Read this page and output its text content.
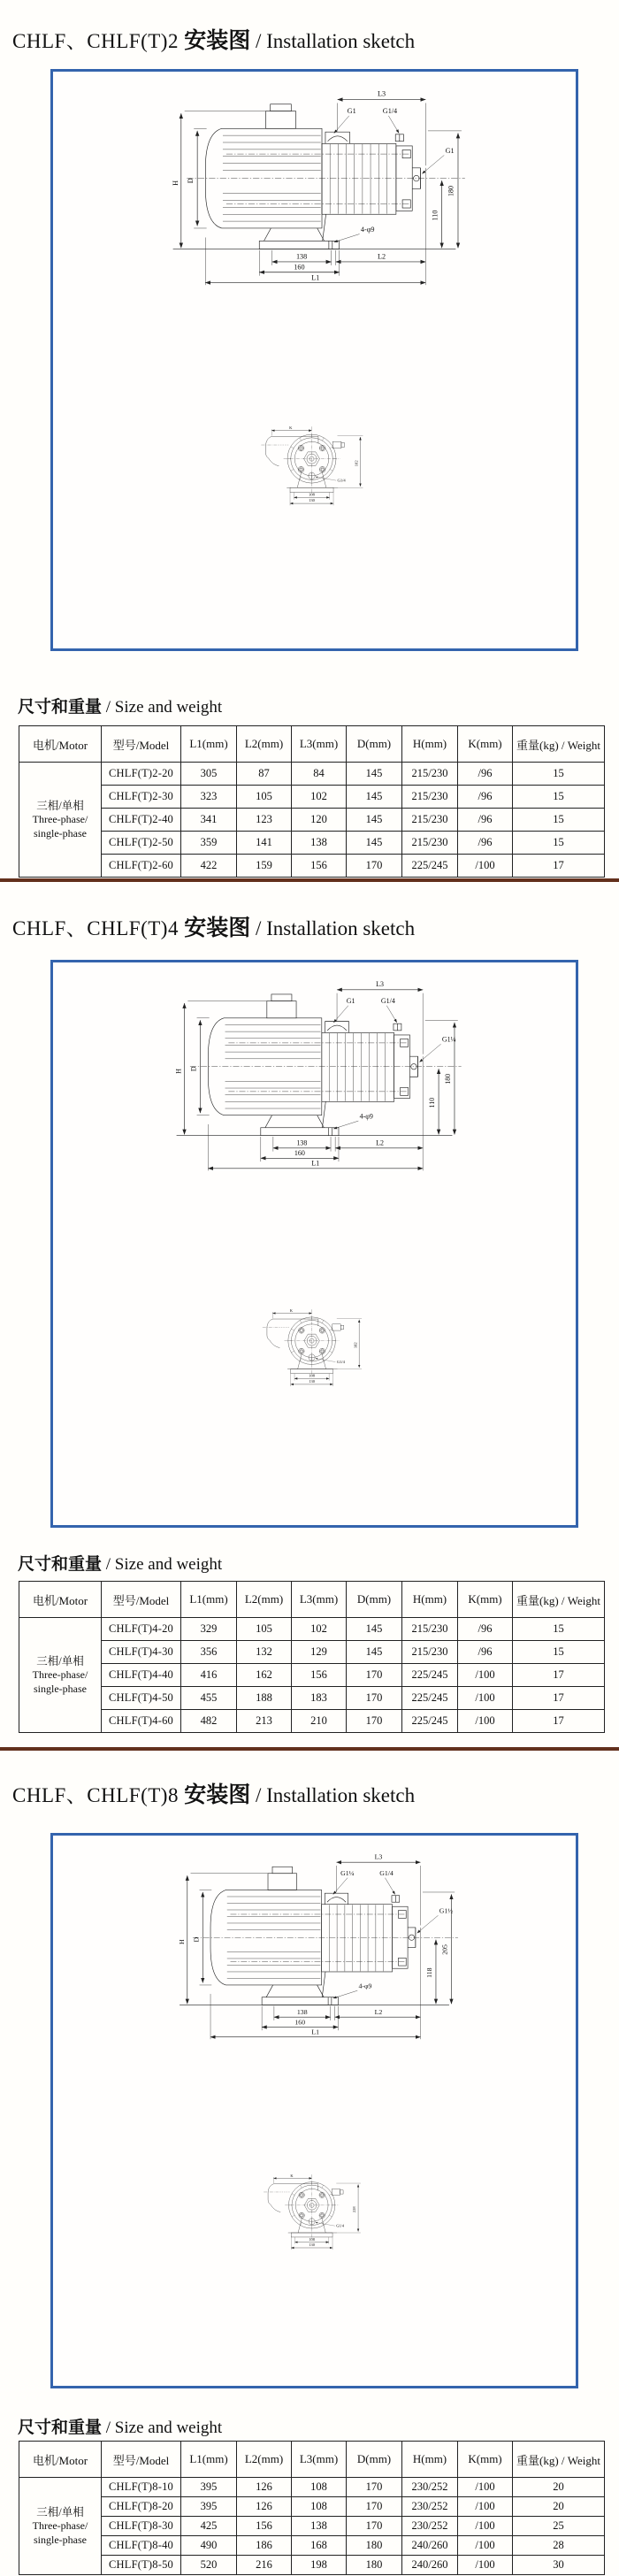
CHLF、CHLF(T)2 安装图 / Installation sketch
H D
L3
G1 G1/4
G1
180
110
4-φ9
138	L2
160
L1
G1/4
K
182
108
130
尺寸和重量 / Size and weight
电机/Motor	型号/Model	L1(mm)	L2(mm)	L3(mm)	D(mm)	H(mm)	K(mm)	重量(kg) / Weight

三相/单相
Three-phase/
single-phase	CHLF(T)2-20	305	87	84	145	215/230	/96	15
	CHLF(T)2-30	323	105	102	145	215/230	/96	15
	CHLF(T)2-40	341	123	120	145	215/230	/96	15
	CHLF(T)2-50	359	141	138	145	215/230	/96	15
	CHLF(T)2-60	422	159	156	170	225/245	/100	17
CHLF、CHLF(T)4 安装图 / Installation sketch
H D
L3
G1 G1/4
G1¼
180
110
4-φ9
138	L2
160
L1
G1/4
K
182
108
130
尺寸和重量 / Size and weight
电机/Motor	型号/Model	L1(mm)	L2(mm)	L3(mm)	D(mm)	H(mm)	K(mm)	重量(kg) / Weight

三相/单相
Three-phase/
single-phase	CHLF(T)4-20	329	105	102	145	215/230	/96	15
	CHLF(T)4-30	356	132	129	145	215/230	/96	15
	CHLF(T)4-40	416	162	156	170	225/245	/100	17
	CHLF(T)4-50	455	188	183	170	225/245	/100	17
	CHLF(T)4-60	482	213	210	170	225/245	/100	17
CHLF、CHLF(T)8 安装图 / Installation sketch
H D
L3
G1¼ G1/4
G1½
205
118
4-φ9
138	L2
160
L1
G1/4
K
228
108
130
尺寸和重量 / Size and weight
电机/Motor	型号/Model	L1(mm)	L2(mm)	L3(mm)	D(mm)	H(mm)	K(mm)	重量(kg) / Weight

三相/单相
Three-phase/
single-phase	CHLF(T)8-10	395	126	108	170	230/252	/100	20
	CHLF(T)8-20	395	126	108	170	230/252	/100	20
	CHLF(T)8-30	425	156	138	170	230/252	/100	25
	CHLF(T)8-40	490	186	168	180	240/260	/100	28
	CHLF(T)8-50	520	216	198	180	240/260	/100	30
